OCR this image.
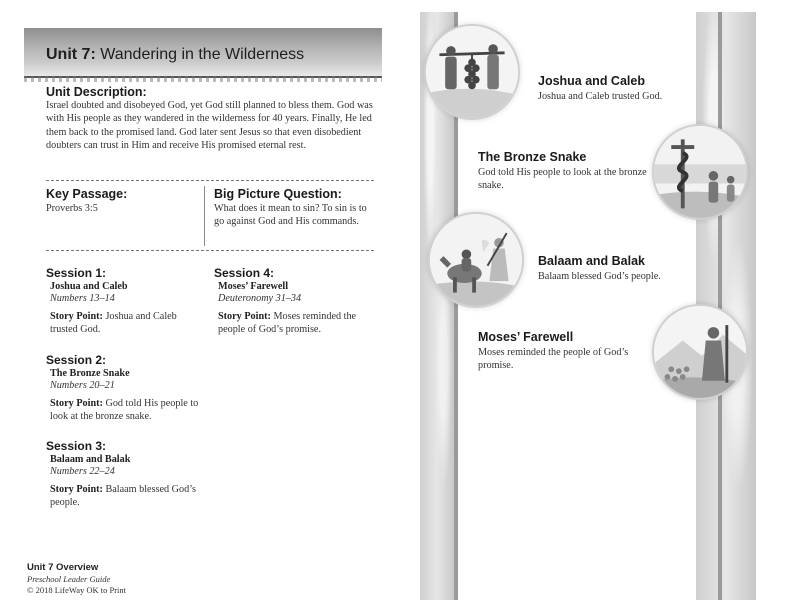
Unit 7: Wandering in the Wilderness
Unit Description:
Israel doubted and disobeyed God, yet God still planned to bless them. God was with His people as they wandered in the wilderness for 40 years. Finally, He led them back to the promised land. God later sent Jesus so that even disobedient doubters can trust in Him and receive His promised eternal rest.
Key Passage:
Proverbs 3:5
Big Picture Question:
What does it mean to sin? To sin is to go against God and His commands.
Session 1:
Joshua and Caleb
Numbers 13–14
Story Point: Joshua and Caleb trusted God.
Session 2:
The Bronze Snake
Numbers 20–21
Story Point: God told His people to look at the bronze snake.
Session 3:
Balaam and Balak
Numbers 22–24
Story Point: Balaam blessed God’s people.
Session 4:
Moses’ Farewell
Deuteronomy 31–34
Story Point: Moses reminded the people of God’s promise.
Unit 7 Overview
Preschool Leader Guide
© 2018 LifeWay OK to Print
Joshua and Caleb
Joshua and Caleb trusted God.
The Bronze Snake
God told His people to look at the bronze snake.
Balaam and Balak
Balaam blessed God’s people.
Moses’ Farewell
Moses reminded the people of God’s promise.
